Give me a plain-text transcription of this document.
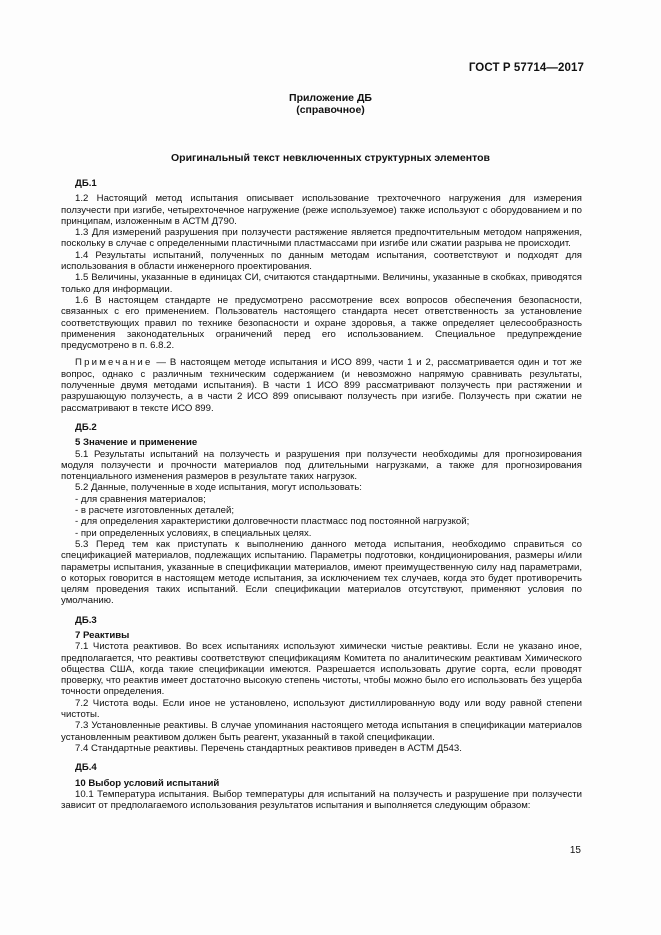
ГОСТ Р 57714—2017
Приложение ДБ
(справочное)
Оригинальный текст невключенных структурных элементов

ДБ.1

1.2 Настоящий метод испытания описывает использование трехточечного нагружения для измерения ползучести при изгибе, четырехточечное нагружение (реже используемое) также используют с оборудованием и по принципам, изложенным в АСТМ Д790.

1.3 Для измерений разрушения при ползучести растяжение является предпочтительным методом напряжения, поскольку в случае с определенными пластичными пластмассами при изгибе или сжатии разрыва не происходит.

1.4 Результаты испытаний, полученных по данным методам испытания, соответствуют и подходят для использования в области инженерного проектирования.

1.5 Величины, указанные в единицах СИ, считаются стандартными. Величины, указанные в скобках, приводятся только для информации.

1.6 В настоящем стандарте не предусмотрено рассмотрение всех вопросов обеспечения безопасности, связанных с его применением. Пользователь настоящего стандарта несет ответственность за установление соответствующих правил по технике безопасности и охране здоровья, а также определяет целесообразность применения законодательных ограничений перед его использованием. Специальное предупреждение предусмотрено в п. 6.8.2.

Примечание — В настоящем методе испытания и ИСО 899, части 1 и 2, рассматривается один и тот же вопрос, однако с различным техническим содержанием (и невозможно напрямую сравнивать результаты, полученные двумя методами испытания). В части 1 ИСО 899 рассматривают ползучесть при растяжении и разрушающую ползучесть, а в части 2 ИСО 899 описывают ползучесть при изгибе. Ползучесть при сжатии не рассматривают в тексте ИСО 899.

ДБ.2

5 Значение и применение

5.1 Результаты испытаний на ползучесть и разрушения при ползучести необходимы для прогнозирования модуля ползучести и прочности материалов под длительными нагрузками, а также для прогнозирования потенциального изменения размеров в результате таких нагрузок.

5.2 Данные, полученные в ходе испытания, могут использовать:

- для сравнения материалов;

- в расчете изготовленных деталей;

- для определения характеристики долговечности пластмасс под постоянной нагрузкой;

- при определенных условиях, в специальных целях.

5.3 Перед тем как приступать к выполнению данного метода испытания, необходимо справиться со спецификацией материалов, подлежащих испытанию. Параметры подготовки, кондиционирования, размеры и/или параметры испытания, указанные в спецификации материалов, имеют преимущественную силу над параметрами, о которых говорится в настоящем методе испытания, за исключением тех случаев, когда это будет противоречить целям проведения таких испытаний. Если спецификации материалов отсутствуют, применяют условия по умолчанию.

ДБ.3

7 Реактивы

7.1 Чистота реактивов. Во всех испытаниях используют химически чистые реактивы. Если не указано иное, предполагается, что реактивы соответствуют спецификациям Комитета по аналитическим реактивам Химического общества США, когда такие спецификации имеются. Разрешается использовать другие сорта, если проводят проверку, что реактив имеет достаточно высокую степень чистоты, чтобы можно было его использовать без ущерба точности определения.

7.2 Чистота воды. Если иное не установлено, используют дистиллированную воду или воду равной степени чистоты.

7.3 Установленные реактивы. В случае упоминания настоящего метода испытания в спецификации материалов установленным реактивом должен быть реагент, указанный в такой спецификации.

7.4 Стандартные реактивы. Перечень стандартных реактивов приведен в АСТМ Д543.

ДБ.4

10 Выбор условий испытаний

10.1 Температура испытания. Выбор температуры для испытаний на ползучесть и разрушение при ползучести зависит от предполагаемого использования результатов испытания и выполняется следующим образом:

15
